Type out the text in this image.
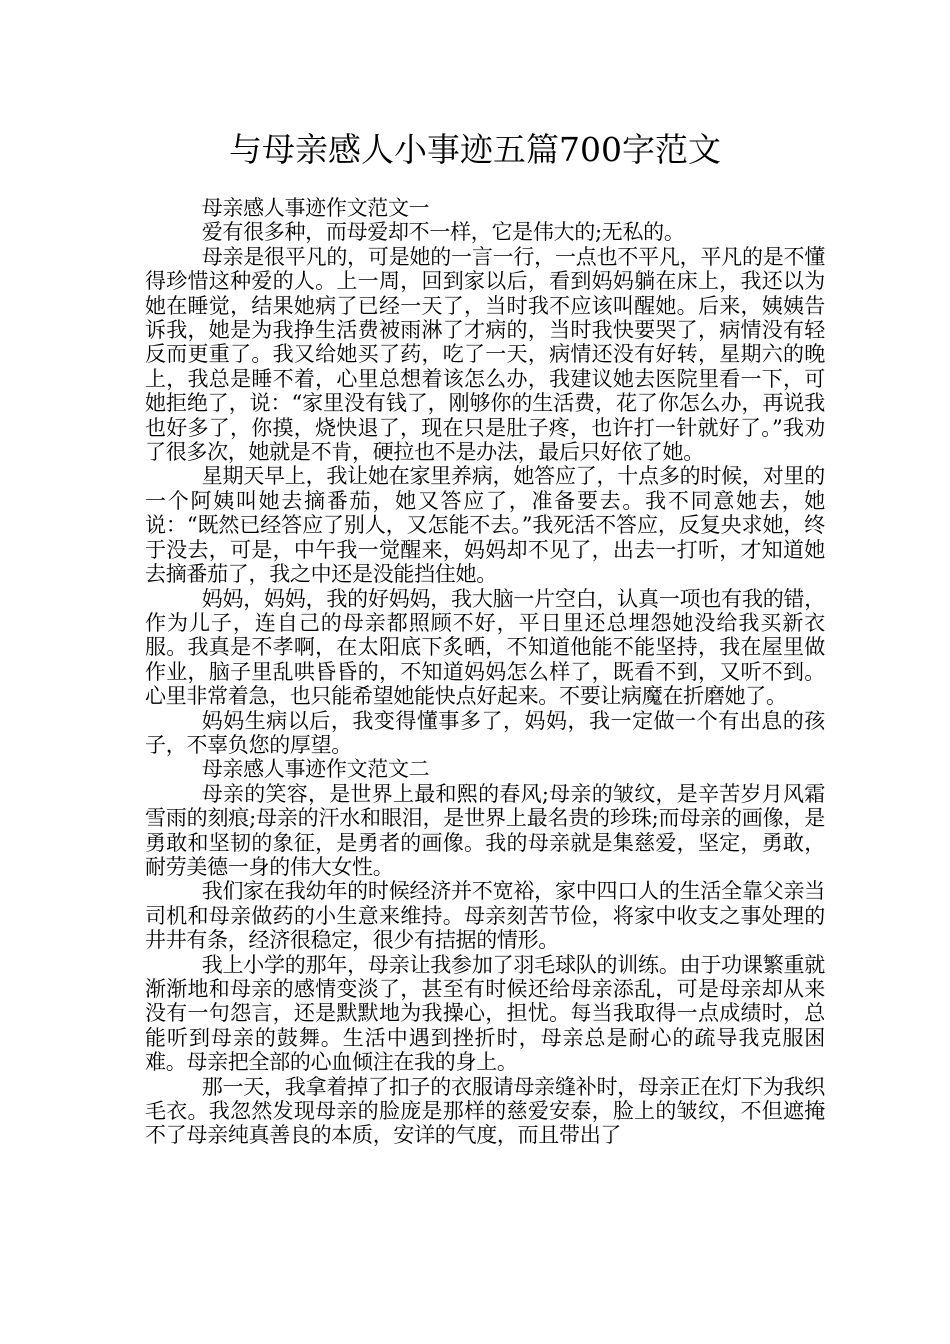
与母亲感人小事迹五篇700字范文

母亲感人事迹作文范文一

爱有很多种，而母爱却不一样，它是伟大的;无私的。

母亲是很平凡的，可是她的一言一行，一点也不平凡，平凡的是不懂得珍惜这种爱的人。上一周，回到家以后，看到妈妈躺在床上，我还以为她在睡觉，结果她病了已经一天了，当时我不应该叫醒她。后来，姨姨告诉我，她是为我挣生活费被雨淋了才病的，当时我快要哭了，病情没有轻反而更重了。我又给她买了药，吃了一天，病情还没有好转，星期六的晚上，我总是睡不着，心里总想着该怎么办，我建议她去医院里看一下，可她拒绝了，说：“家里没有钱了，刚够你的生活费，花了你怎么办，再说我也好多了，你摸，烧快退了，现在只是肚子疼，也许打一针就好了。”我劝了很多次，她就是不肯，硬拉也不是办法，最后只好依了她。

星期天早上，我让她在家里养病，她答应了，十点多的时候，对里的一个阿姨叫她去摘番茄，她又答应了，准备要去。我不同意她去，她说：“既然已经答应了别人，又怎能不去。”我死活不答应，反复央求她，终于没去，可是，中午我一觉醒来，妈妈却不见了，出去一打听，才知道她去摘番茄了，我之中还是没能挡住她。

妈妈，妈妈，我的好妈妈，我大脑一片空白，认真一项也有我的错，作为儿子，连自己的母亲都照顾不好，平日里还总埋怨她没给我买新衣服。我真是不孝啊，在太阳底下炙晒，不知道他能不能坚持，我在屋里做作业，脑子里乱哄昏昏的，不知道妈妈怎么样了，既看不到，又听不到。心里非常着急，也只能希望她能快点好起来。不要让病魔在折磨她了。

妈妈生病以后，我变得懂事多了，妈妈，我一定做一个有出息的孩子，不辜负您的厚望。

母亲感人事迹作文范文二

母亲的笑容，是世界上最和熙的春风;母亲的皱纹，是辛苦岁月风霜雪雨的刻痕;母亲的汗水和眼泪，是世界上最名贵的珍珠;而母亲的画像，是勇敢和坚韧的象征，是勇者的画像。我的母亲就是集慈爱，坚定，勇敢，耐劳美德一身的伟大女性。

我们家在我幼年的时候经济并不宽裕，家中四口人的生活全靠父亲当司机和母亲做药的小生意来维持。母亲刻苦节俭，将家中收支之事处理的井井有条，经济很稳定，很少有拮据的情形。

我上小学的那年，母亲让我参加了羽毛球队的训练。由于功课繁重就渐渐地和母亲的感情变淡了，甚至有时候还给母亲添乱，可是母亲却从来没有一句怨言，还是默默地为我操心，担忧。每当我取得一点成绩时，总能听到母亲的鼓舞。生活中遇到挫折时，母亲总是耐心的疏导我克服困难。母亲把全部的心血倾注在我的身上。

那一天，我拿着掉了扣子的衣服请母亲缝补时，母亲正在灯下为我织毛衣。我忽然发现母亲的脸庞是那样的慈爱安泰，脸上的皱纹，不但遮掩不了母亲纯真善良的本质，安详的气度，而且带出了
